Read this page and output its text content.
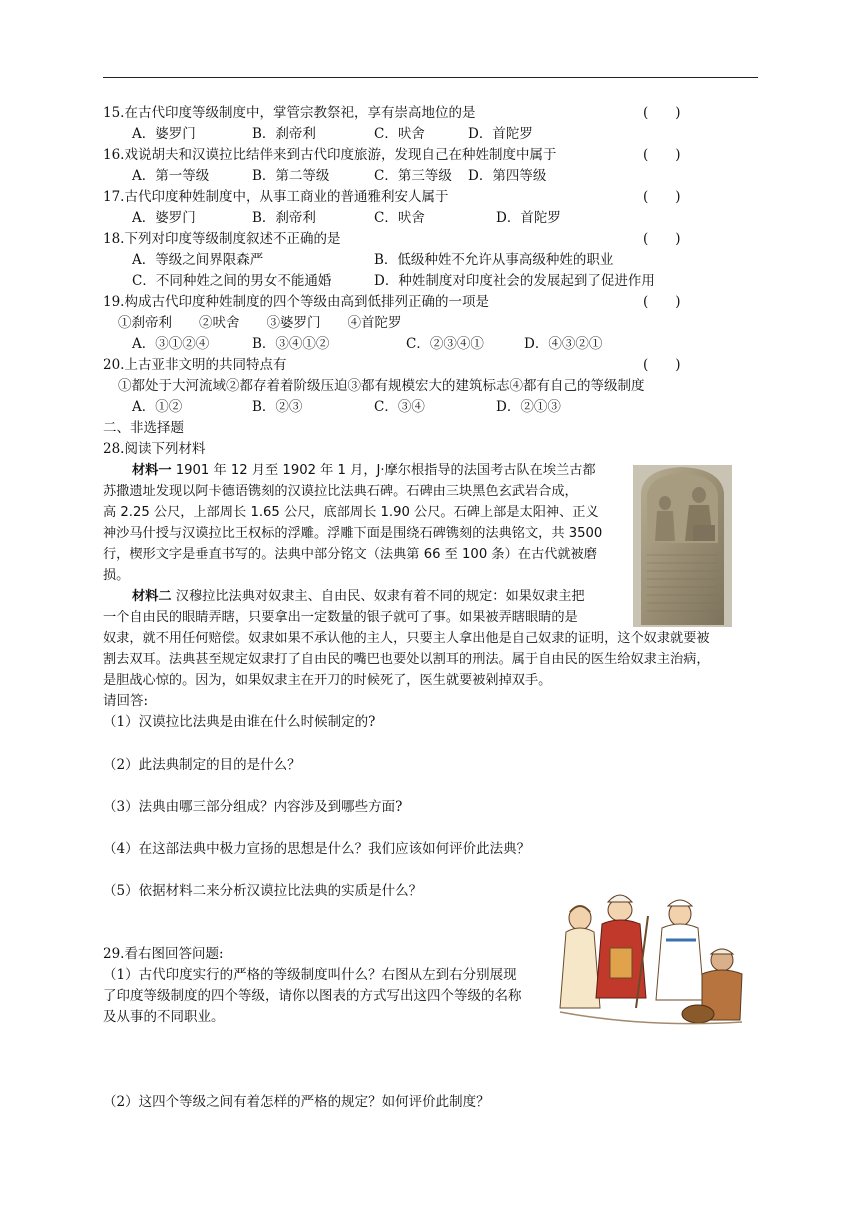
15.在古代印度等级制度中，掌管宗教祭祀，享有崇高地位的是	(　　)
A．婆罗门	B．刹帝利	C．吠舍	D．首陀罗
16.戏说胡夫和汉谟拉比结伴来到古代印度旅游，发现自己在种姓制度中属于	(　　)
A．第一等级	B．第二等级	C．第三等级 D．第四等级
17.古代印度种姓制度中，从事工商业的普通雅利安人属于	(　　)
A．婆罗门	B．刹帝利	C．吠舍	D．首陀罗
18.下列对印度等级制度叙述不正确的是	(　　)
A．等级之间界限森严	B．低级种姓不允许从事高级种姓的职业
C．不同种姓之间的男女不能通婚	D．种姓制度对印度社会的发展起到了促进作用
19.构成古代印度种姓制度的四个等级由高到低排列正确的一项是	(　　)
①刹帝利　　②吠舍　　③婆罗门　　④首陀罗
A．③①②④	B．③④①②	C．②③④①	D．④③②①
20.上古亚非文明的共同特点有	(　　)
①都处于大河流域②都存着着阶级压迫③都有规模宏大的建筑标志④都有自己的等级制度
A．①②	B．②③	C．③④	D．②①③
二、非选择题
28.阅读下列材料
材料一 1901 年 12 月至 1902 年 1 月，J·摩尔根指导的法国考古队在埃兰古都
苏撒遗址发现以阿卡德语镌刻的汉谟拉比法典石碑。石碑由三块黑色玄武岩合成，
高 2.25 公尺，上部周长 1.65 公尺，底部周长 1.90 公尺。石碑上部是太阳神、正义
神沙马什授与汉谟拉比王权标的浮雕。浮雕下面是围绕石碑镌刻的法典铭文，共 3500
行，楔形文字是垂直书写的。法典中部分铭文（法典第 66 至 100 条）在古代就被磨
损。
材料二 汉穆拉比法典对奴隶主、自由民、奴隶有着不同的规定：如果奴隶主把
一个自由民的眼睛弄瞎，只要拿出一定数量的银子就可了事。如果被弄瞎眼睛的是
奴隶，就不用任何赔偿。奴隶如果不承认他的主人，只要主人拿出他是自己奴隶的证明，这个奴隶就要被
割去双耳。法典甚至规定奴隶打了自由民的嘴巴也要处以割耳的刑法。属于自由民的医生给奴隶主治病，
是胆战心惊的。因为，如果奴隶主在开刀的时候死了，医生就要被剁掉双手。
请回答:
（1）汉谟拉比法典是由谁在什么时候制定的?
（2）此法典制定的目的是什么？
（3）法典由哪三部分组成？内容涉及到哪些方面?
（4）在这部法典中极力宣扬的思想是什么？我们应该如何评价此法典？
（5）依据材料二来分析汉谟拉比法典的实质是什么？
29.看右图回答问题:
（1）古代印度实行的严格的等级制度叫什么？右图从左到右分别展现
了印度等级制度的四个等级，请你以图表的方式写出这四个等级的名称
及从事的不同职业。
（2）这四个等级之间有着怎样的严格的规定？如何评价此制度？
